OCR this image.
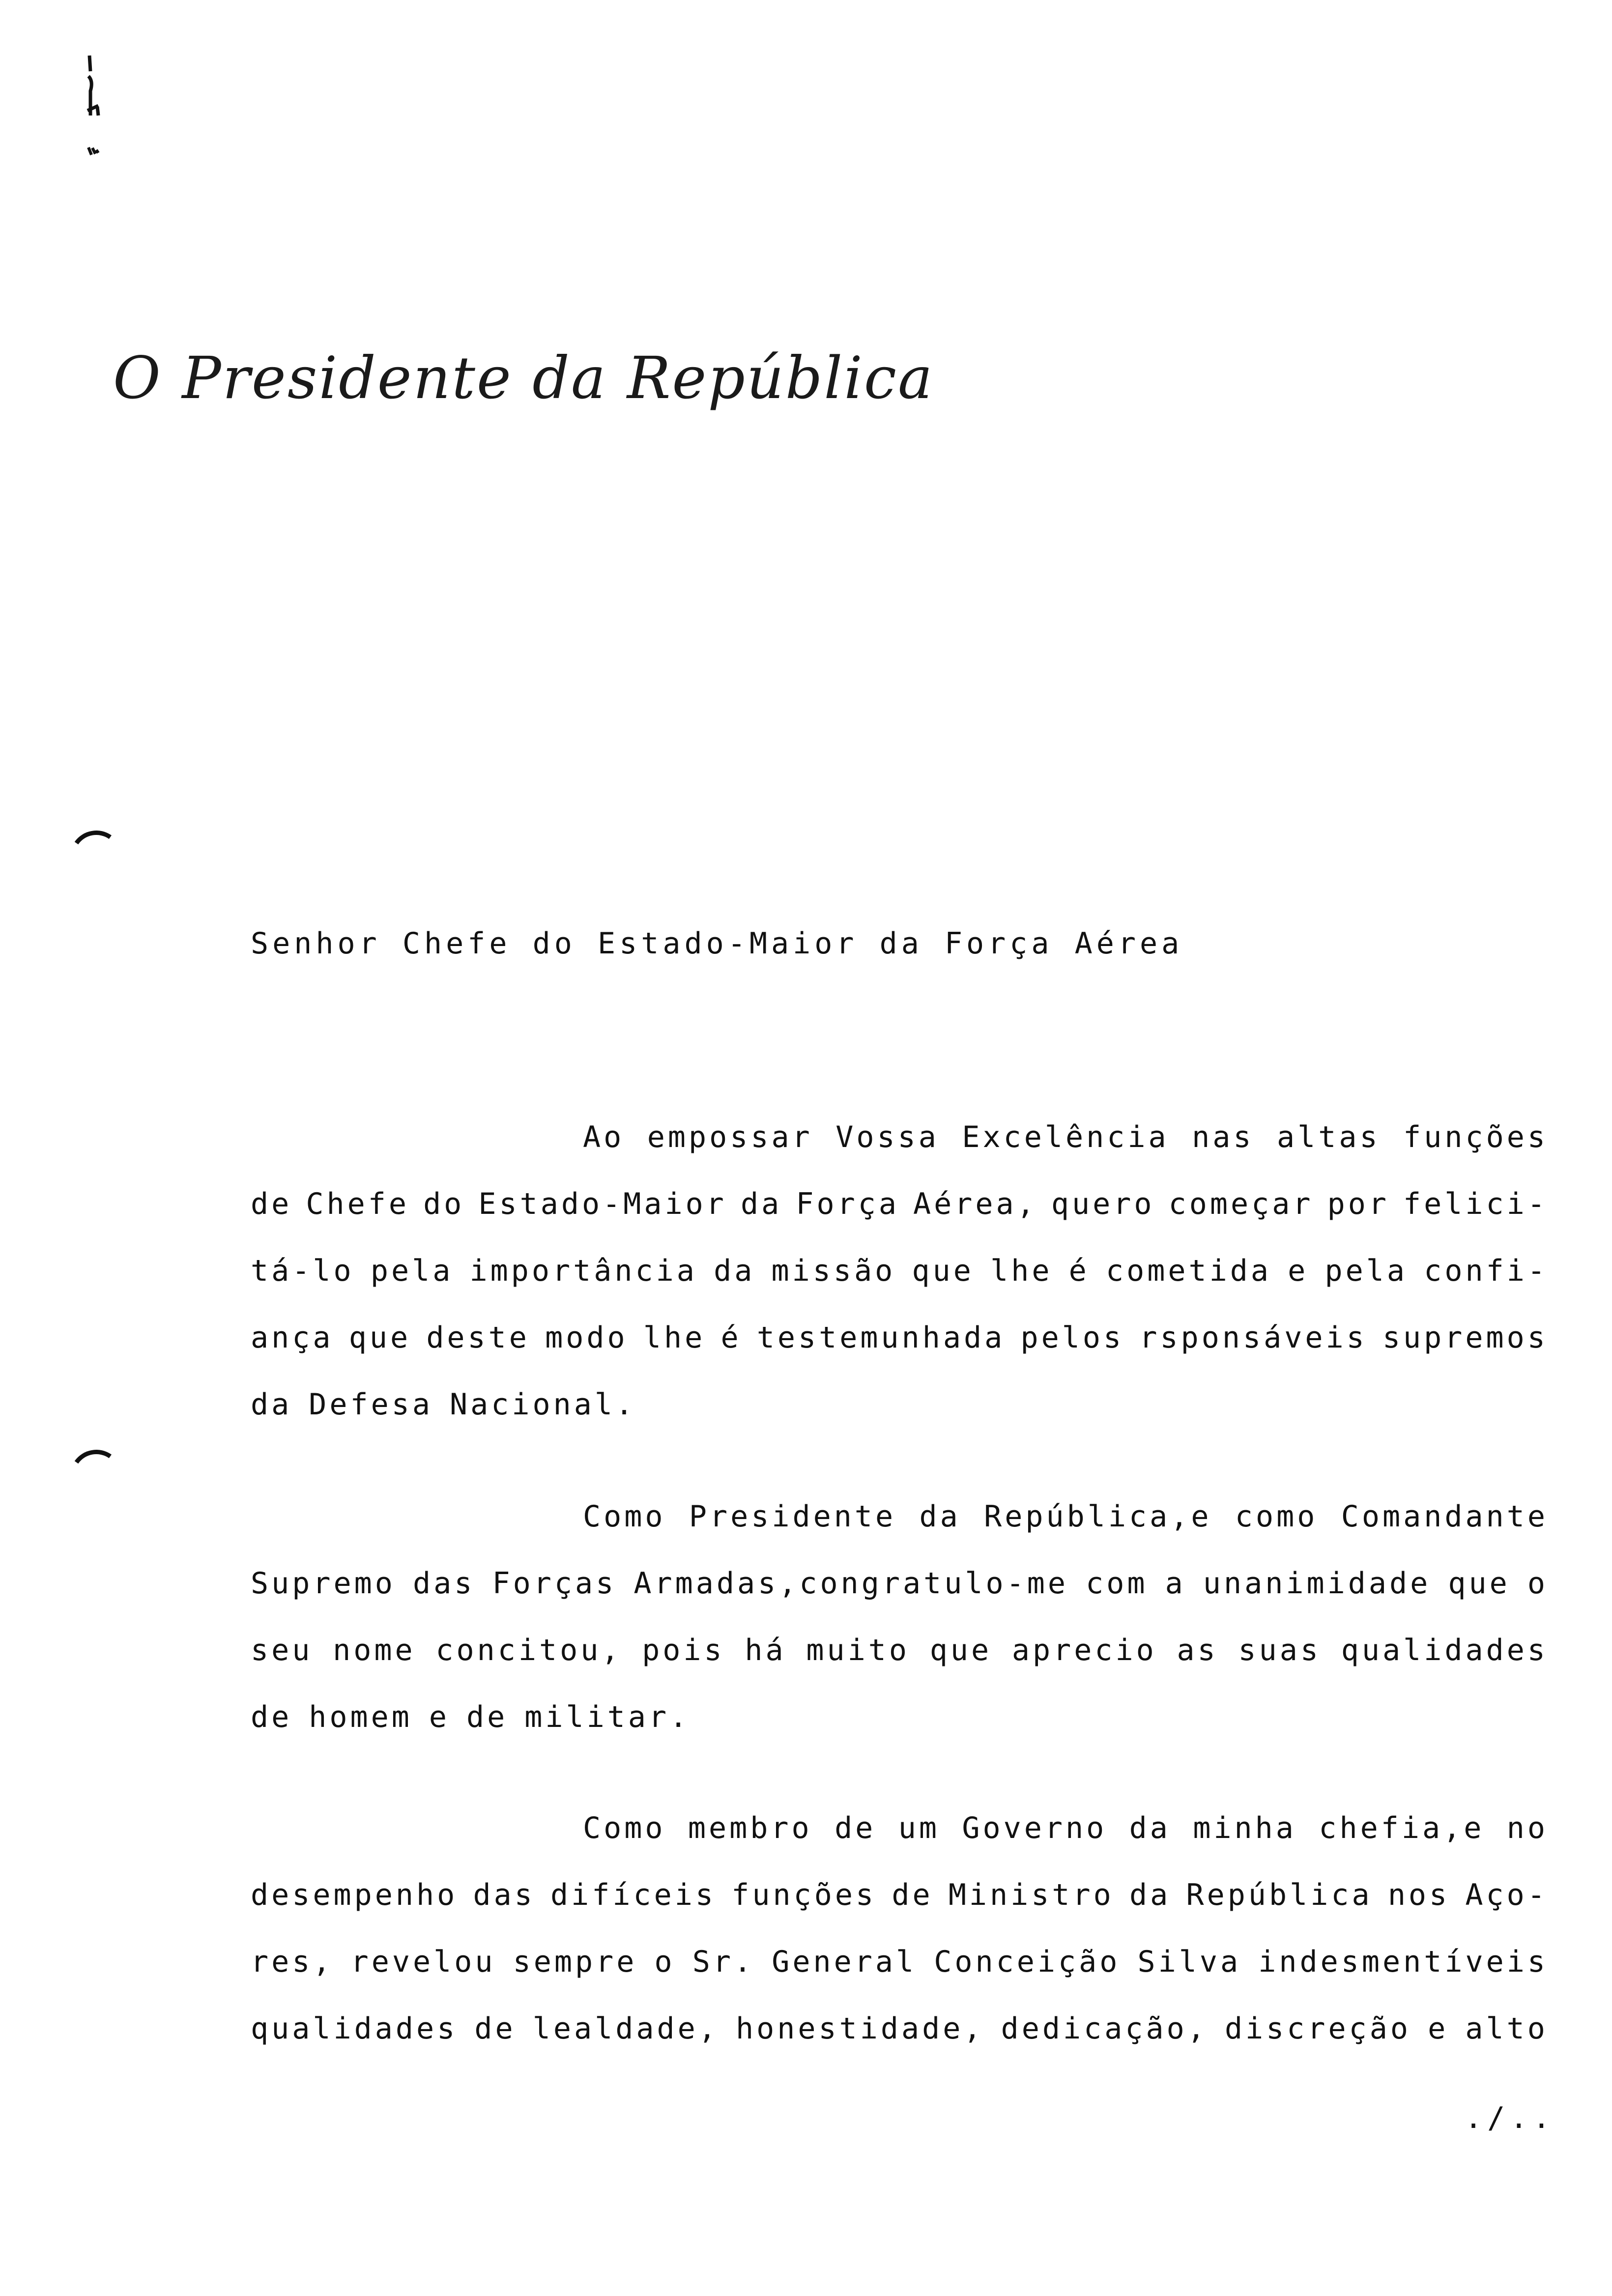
O Presidente da República
Senhor Chefe do Estado-Maior da Força Aérea
Ao empossar Vossa Excelência nas altas funções
de Chefe do Estado-Maior da Força Aérea, quero começar por felici-
tá-lo pela importância da missão que lhe é cometida e pela confi-
ança que deste modo lhe é testemunhada pelos rsponsáveis supremos
da Defesa Nacional.
Como Presidente da República,e como Comandante
Supremo das Forças Armadas,congratulo-me com a unanimidade que o
seu nome concitou, pois há muito que aprecio as suas qualidades
de homem e de militar.
Como membro de um Governo da minha chefia,e no
desempenho das difíceis funções de Ministro da República nos Aço-
res, revelou sempre o Sr. General Conceição Silva indesmentíveis
qualidades de lealdade, honestidade, dedicação, discreção e alto
./..
